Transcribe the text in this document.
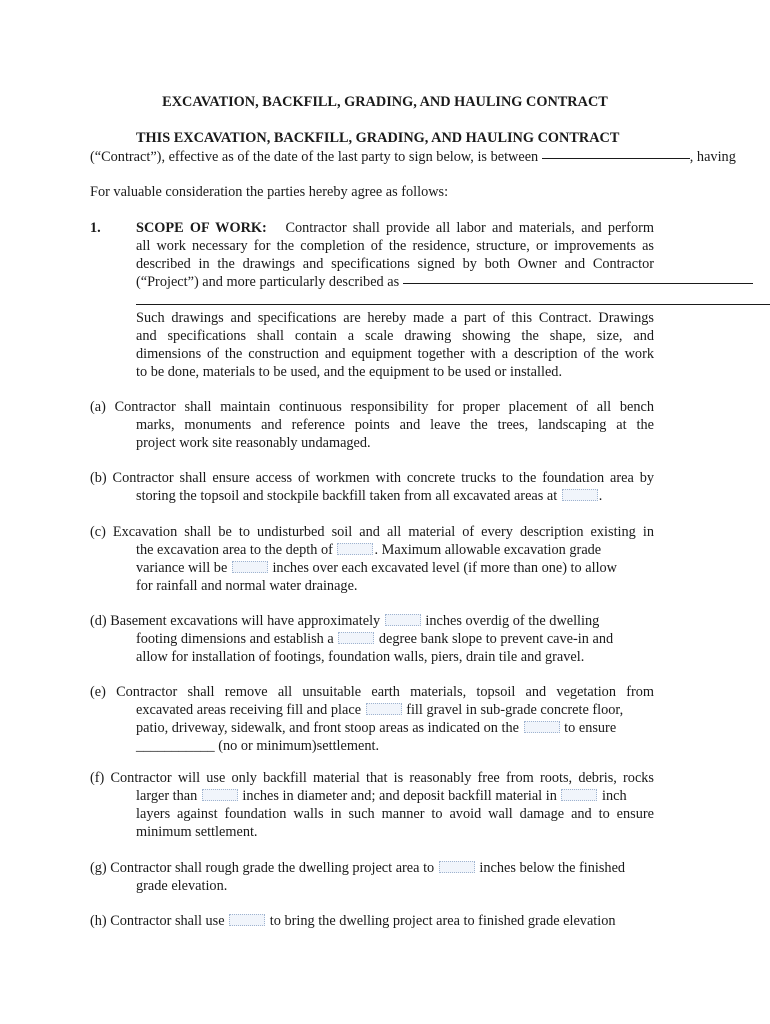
EXCAVATION, BACKFILL, GRADING, AND HAULING CONTRACT
THIS EXCAVATION, BACKFILL, GRADING, AND HAULING CONTRACT
(“Contract”), effective as of the date of the last party to sign below, is between	, having
For valuable consideration the parties hereby agree as follows:
1. SCOPE OF WORK: Contractor shall provide all labor and materials, and perform
all work necessary for the completion of the residence, structure, or improvements as
described in the drawings and specifications signed by both Owner and Contractor
(“Project”) and more particularly described as
Such drawings and specifications are hereby made a part of this Contract. Drawings
and specifications shall contain a scale drawing showing the shape, size, and
dimensions of the construction and equipment together with a description of the work
to be done, materials to be used, and the equipment to be used or installed.
(a) Contractor shall maintain continuous responsibility for proper placement of all bench
marks, monuments and reference points and leave the trees, landscaping at the
project work site reasonably undamaged.
(b) Contractor shall ensure access of workmen with concrete trucks to the foundation area by
storing the topsoil and stockpile backfill taken from all excavated areas at	.
(c) Excavation shall be to undisturbed soil and all material of every description existing in
the excavation area to the depth of	. Maximum allowable excavation grade
variance will be	inches over each excavated level (if more than one) to allow
for rainfall and normal water drainage.
(d) Basement excavations will have approximately	inches overdig of the dwelling
footing dimensions and establish a	degree bank slope to prevent cave-in and
allow for installation of footings, foundation walls, piers, drain tile and gravel.
(e) Contractor shall remove all unsuitable earth materials, topsoil and vegetation from
excavated areas receiving fill and place	fill gravel in sub-grade concrete floor,
patio, driveway, sidewalk, and front stoop areas as indicated on the	to ensure
___________ (no or minimum)settlement.
(f) Contractor will use only backfill material that is reasonably free from roots, debris, rocks
larger than	inches in diameter and; and deposit backfill material in	inch
layers against foundation walls in such manner to avoid wall damage and to ensure
minimum settlement.
(g) Contractor shall rough grade the dwelling project area to	inches below the finished
grade elevation.
(h) Contractor shall use	to bring the dwelling project area to finished grade elevation
